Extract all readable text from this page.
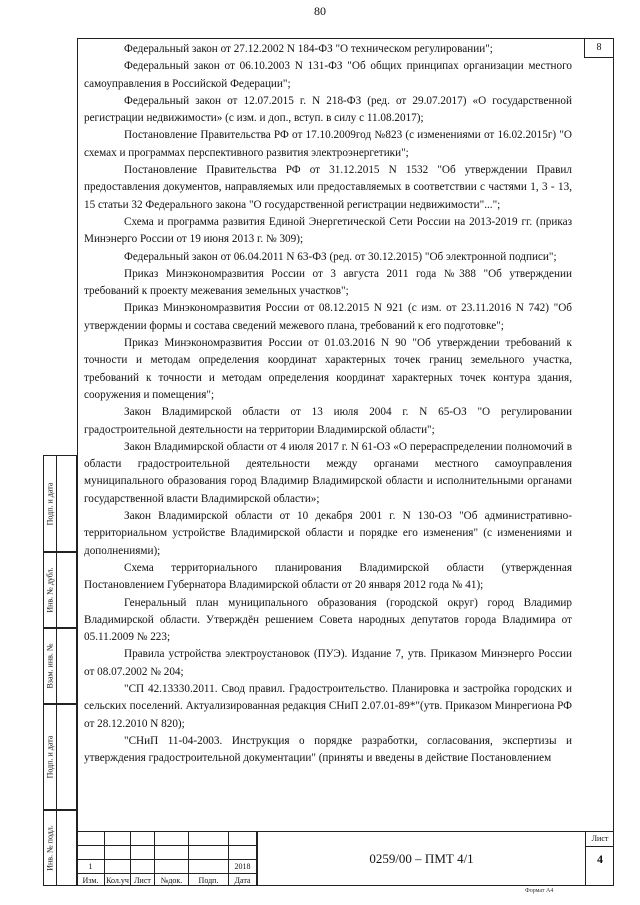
80
8

Федеральный закон от 27.12.2002 N 184-ФЗ "О техническом регулировании";

Федеральный закон от 06.10.2003 N 131-ФЗ "Об общих принципах организации местного самоуправления в Российской Федерации";

Федеральный закон от 12.07.2015 г. N 218-ФЗ (ред. от 29.07.2017) «О государственной регистрации недвижимости» (с изм. и доп., вступ. в силу с 11.08.2017);

Постановление Правительства РФ от 17.10.2009год №823 (с изменениями от 16.02.2015г) "О схемах и программах перспективного развития электроэнергетики";

Постановление Правительства РФ от 31.12.2015 N 1532 "Об утверждении Правил предоставления документов, направляемых или предоставляемых в соответствии с частями 1, 3 - 13, 15 статьи 32 Федерального закона "О государственной регистрации недвижимости"...";

Схема и программа развития Единой Энергетической Сети России на 2013-2019 гг. (приказ Минэнерго России от 19 июня 2013 г. № 309);

Федеральный закон от 06.04.2011 N 63-ФЗ (ред. от 30.12.2015) "Об электронной подписи";

Приказ Минэкономразвития России от 3 августа 2011 года №388 "Об утверждении требований к проекту межевания земельных участков";

Приказ Минэкономразвития России от 08.12.2015 N 921 (с изм. от 23.11.2016 N 742) "Об утверждении формы и состава сведений межевого плана, требований к его подготовке";

Приказ Минэкономразвития России от 01.03.2016 N 90 "Об утверждении требований к точности и методам определения координат характерных точек границ земельного участка, требований к точности и методам определения координат характерных точек контура здания, сооружения и помещения";

Закон Владимирской области от 13 июля 2004 г. N 65-ОЗ "О регулировании градостроительной деятельности на территории Владимирской области";

Закон Владимирской области от 4 июля 2017 г. N 61-ОЗ «О перераспределении полномочий в области градостроительной деятельности между органами местного самоуправления муниципального образования город Владимир Владимирской области и исполнительными органами государственной власти Владимирской области»;

Закон Владимирской области от 10 декабря 2001 г. N 130-ОЗ "Об административно-территориальном устройстве Владимирской области и порядке его изменения" (с изменениями и дополнениями);

Схема территориального планирования Владимирской области (утвержденная Постановлением Губернатора Владимирской области от 20 января 2012 года № 41);

Генеральный план муниципального образования (городской округ) город Владимир Владимирской области. Утверждён решением Совета народных депутатов города Владимира от 05.11.2009 № 223;

Правила устройства электроустановок (ПУЭ). Издание 7, утв. Приказом Минэнерго России от 08.07.2002 № 204;

"СП 42.13330.2011. Свод правил. Градостроительство. Планировка и застройка городских и сельских поселений. Актуализированная редакция СНиП 2.07.01-89*"(утв. Приказом Минрегиона РФ от 28.12.2010 N 820);

"СНиП 11-04-2003. Инструкция о порядке разработки, согласования, экспертизы и утверждения градостроительной документации" (приняты и введены в действие Постановлением

Подп. и дата
Инв. № дубл.
Взам. инв. №
Подп. и дата
Инв. № подл.	1	2018
Изм. Кол.уч Лист	№док.	Подп.	Дата
0259/00 – ПМТ 4/1
Лист
4
Формат А4
